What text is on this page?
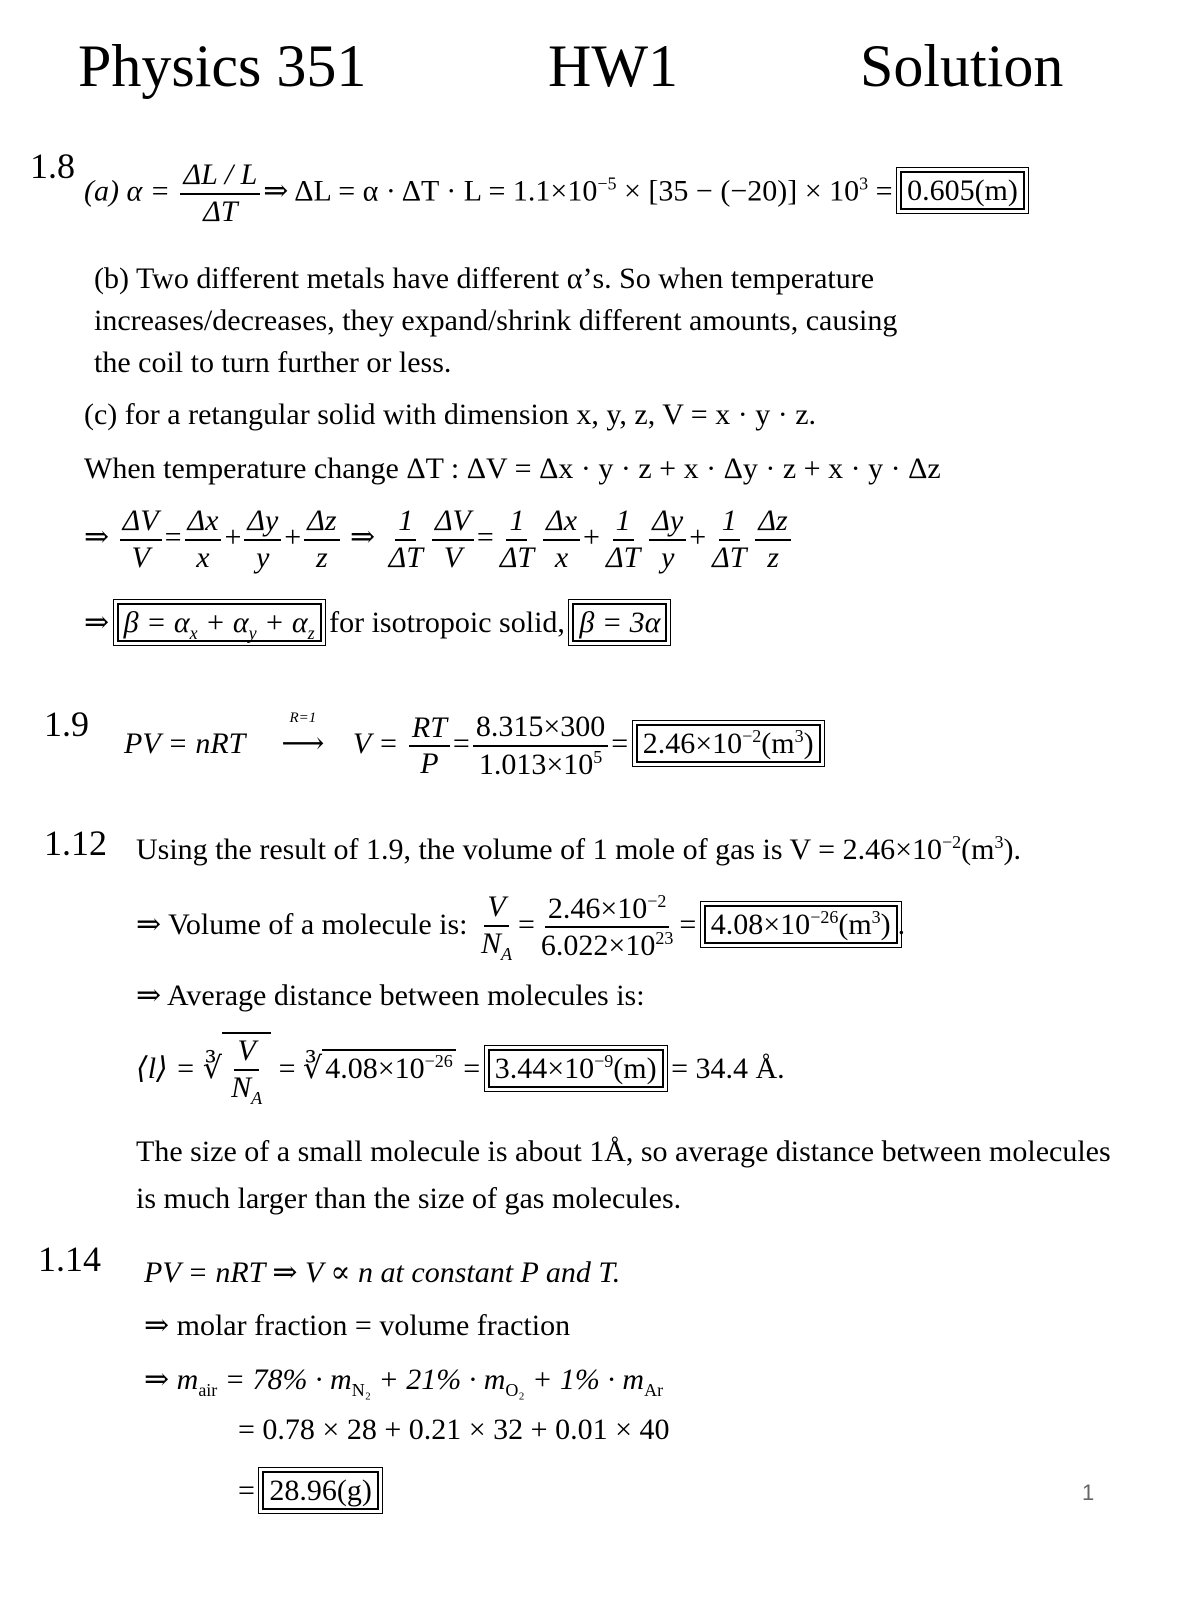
Physics 351	HW1	Solution
1.8
(a) $\alpha = \frac{\Delta L / L}{\Delta T}$ ⇒ $\Delta L = \alpha \cdot \Delta T \cdot L = 1.1\times 10^{-5} \times [35 - (-20)] \times 10^3 = 0.605(m)$
(b) Two different metals have different α’s. So when temperature
increases/decreases, they expand/shrink different amounts, causing
the coil to turn further or less.
(c) for a retangular solid with dimension x, y, z, V = x · y · z.
When temperature change ΔT : ΔV = Δx · y · z + x · Δy · z + x · y · Δz
⇒ $\frac{\Delta V}{V} = \frac{\Delta x}{x} + \frac{\Delta y}{y} + \frac{\Delta z}{z}$ ⇒ $\frac{1}{\Delta T} \frac{\Delta V}{V} = \frac{1}{\Delta T} \frac{\Delta x}{x} + \frac{1}{\Delta T} \frac{\Delta y}{y} + \frac{1}{\Delta T} \frac{\Delta z}{z}$
⇒ $\beta = \alpha_x + \alpha_y + \alpha_z$ for isotropoic solid, β = 3α
1.9 PV = nRT
R=1
⟶ $V = \frac{RT}{P} = \frac{8.315\times 300}{1.013\times 10^5} = 2.46\times 10^{-2}(m^3)$
1.12 Using the result of 1.9, the volume of 1 mole of gas is $V = 2.46\times 10^{-2}(m^3)$.
⇒ Volume of a molecule is: $\frac{V}{N_A} = \frac{2.46\times 10^{-2}}{6.022\times 10^{23}} = 4.08\times 10^{-26}(m^3)$ .
⇒ Average distance between molecules is:
⟨l⟩ = ∛ $\frac{V}{N_A}$ = ∛ $4.08\times 10^{-26} = 3.44\times 10^{-9}(m) = 34.4$ Å.
The size of a small molecule is about 1Å, so average distance between molecules
is much larger than the size of gas molecules.
1.14 PV = nRT ⇒ V ∝ n at constant P and T.
⇒ molar fraction = volume fraction
⇒ $m_{air} = 78\% \cdot m_{N_2} + 21\% \cdot m_{O_2} + 1\% \cdot m_{Ar}$
= 0.78 × 28 + 0.21 × 32 + 0.01 × 40
= 28.96(g)	1
